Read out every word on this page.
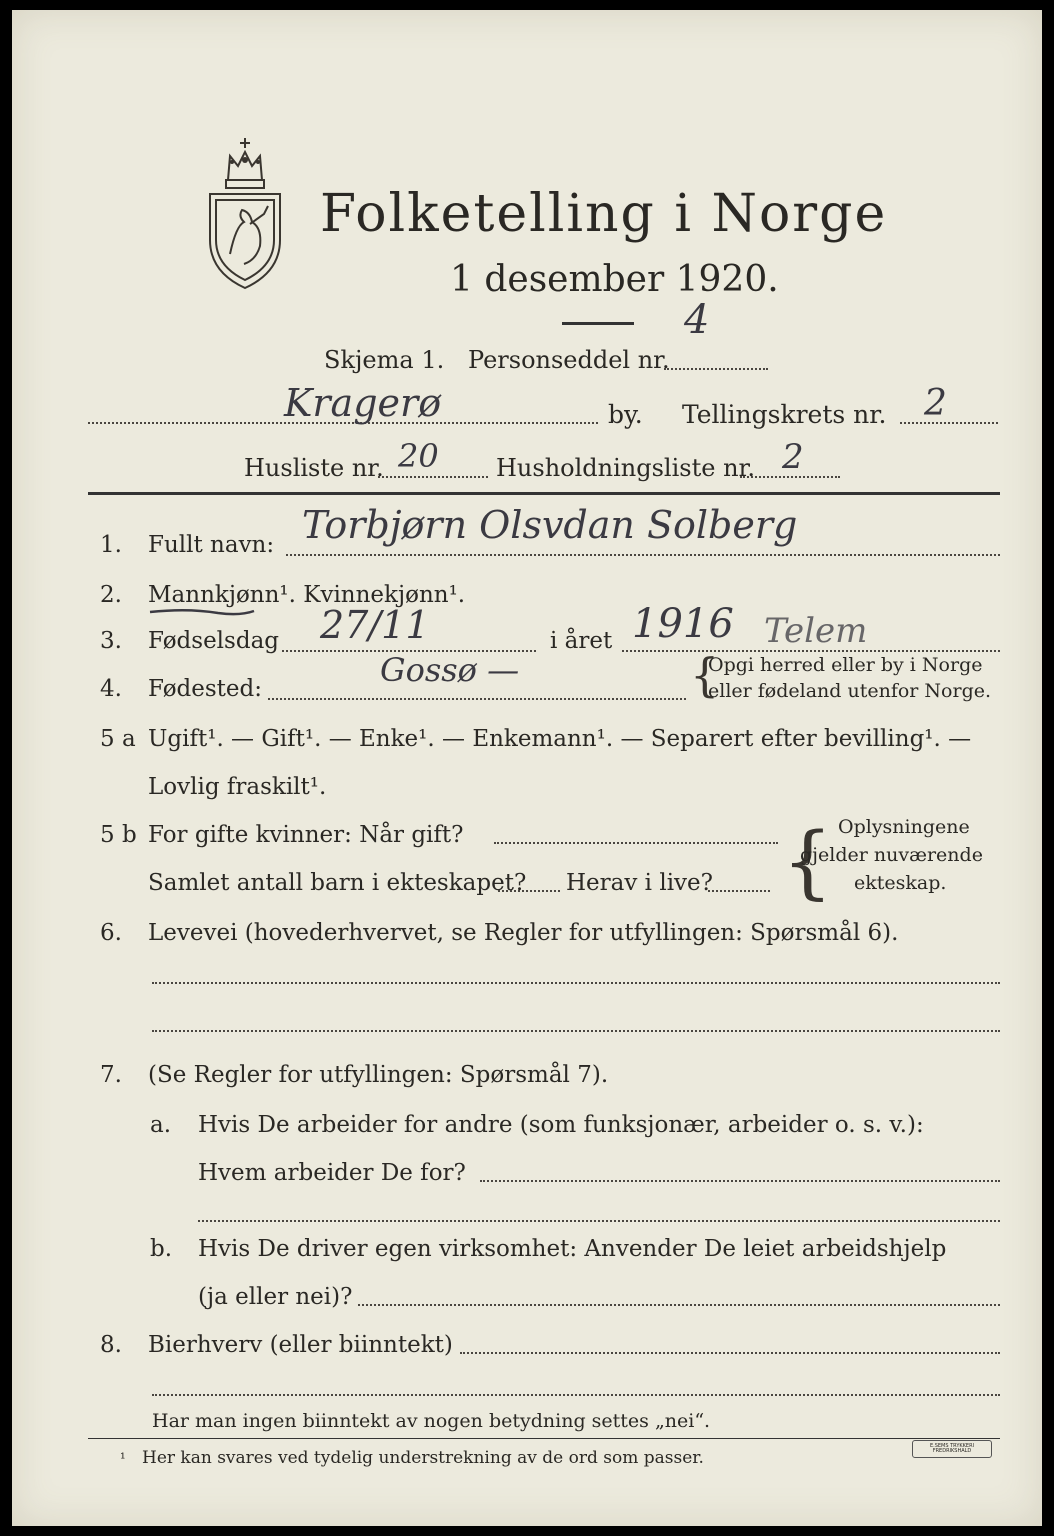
Folketelling i Norge
1 desember 1920.
4
Skjema 1. Personseddel nr.
Kragerø	by. Tellingskrets nr. 2
Husliste nr. 20 Husholdningsliste nr. 2
1. Fullt navn: Torbjørn Olsvdan Solberg
2. Mannkjønn¹. Kvinnekjønn¹.
3. Fødselsdag 27/11	i året 1916 Telem
4. Fødested:	Gossø —	{
Opgi herred eller by i Norge
eller fødeland utenfor Norge.
5 a Ugift¹. — Gift¹. — Enke¹. — Enkemann¹. — Separert efter bevilling¹. —
Lovlig fraskilt¹.
5 b For gifte kvinner: Når gift?
Samlet antall barn i ekteskapet? Herav i live? { Oplysningene
gjelder nuværende
ekteskap.
6. Levevei (hovederhvervet, se Regler for utfyllingen: Spørsmål 6).
7. (Se Regler for utfyllingen: Spørsmål 7).
a. Hvis De arbeider for andre (som funksjonær, arbeider o. s. v.):
Hvem arbeider De for?
b. Hvis De driver egen virksomhet: Anvender De leiet arbeidshjelp
(ja eller nei)?
8. Bierhverv (eller biinntekt)
Har man ingen biinntekt av nogen betydning settes „nei“.
¹ Her kan svares ved tydelig understrekning av de ord som passer.
E.SEMS TRYKKERI FREDRIKSHALD
